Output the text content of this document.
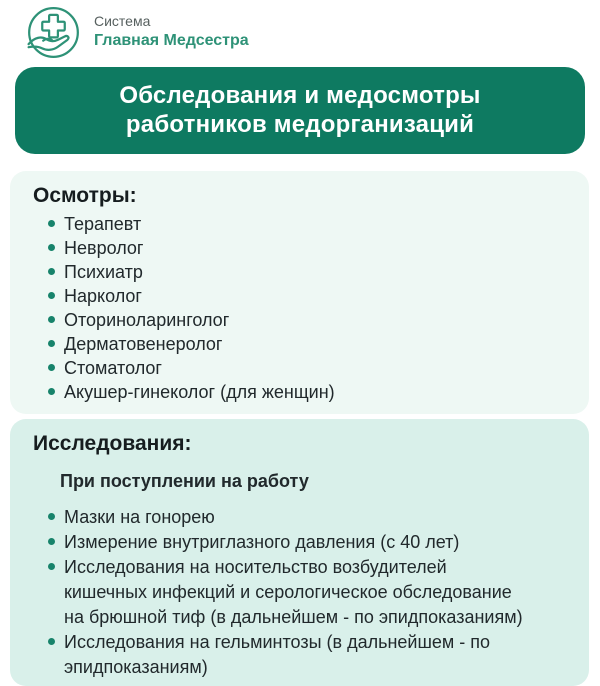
Система
Главная Медсестра
Обследования и медосмотры
работников медорганизаций
Осмотры:
Терапевт
Невролог
Психиатр
Нарколог
Оториноларинголог
Дерматовенеролог
Стоматолог
Акушер-гинеколог (для женщин)
Исследования:
При поступлении на работу
Мазки на гонорею
Измерение внутриглазного давления (с 40 лет)
Исследования на носительство возбудителей кишечных инфекций и серологическое обследование на брюшной тиф (в дальнейшем - по эпидпоказаниям)
Исследования на гельминтозы (в дальнейшем - по эпидпоказаниям)
